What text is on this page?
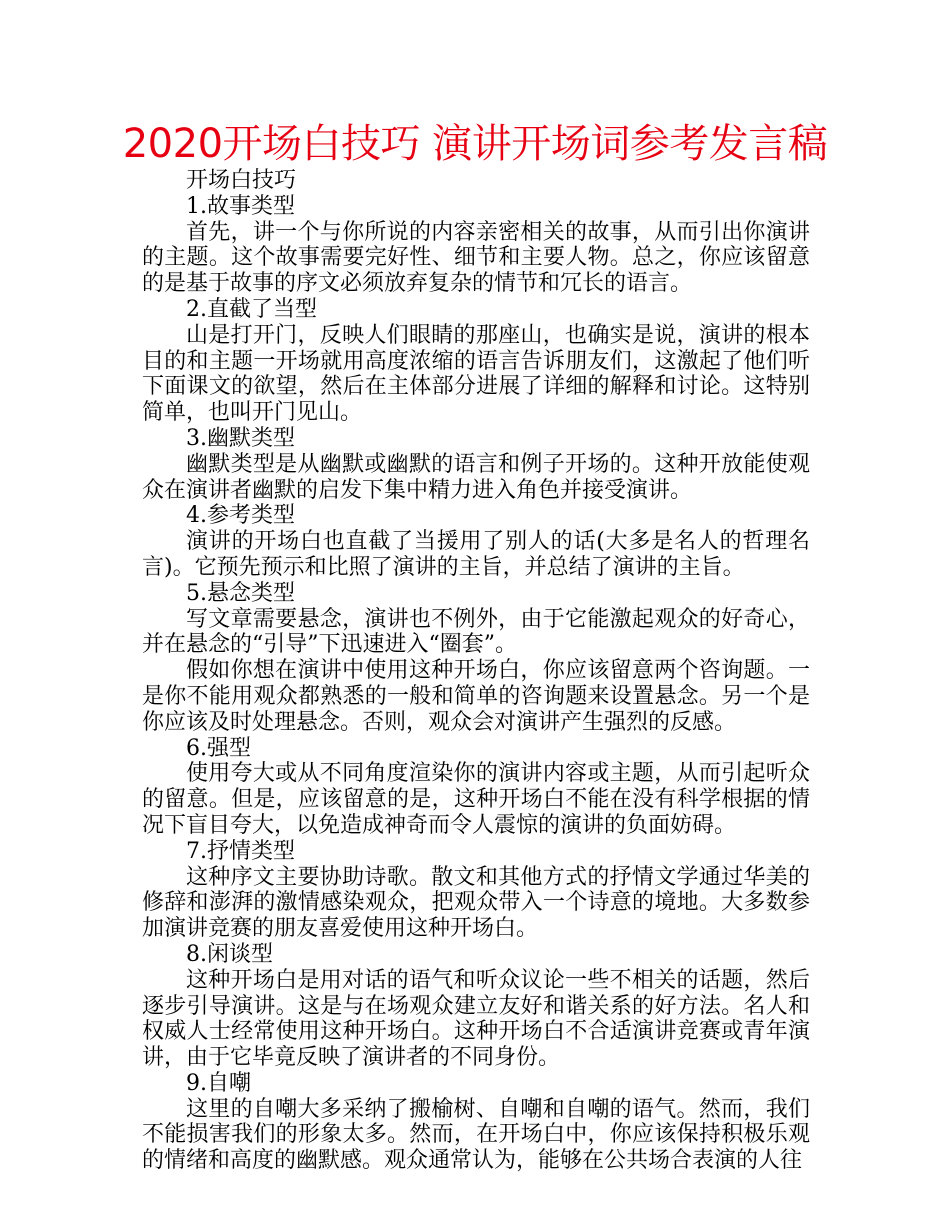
2020开场白技巧 演讲开场词参考发言稿

开场白技巧

1.故事类型

首先，讲一个与你所说的内容亲密相关的故事，从而引出你演讲的主题。这个故事需要完好性、细节和主要人物。总之，你应该留意的是基于故事的序文必须放弃复杂的情节和冗长的语言。

2.直截了当型

山是打开门，反映人们眼睛的那座山，也确实是说，演讲的根本目的和主题一开场就用高度浓缩的语言告诉朋友们，这激起了他们听下面课文的欲望，然后在主体部分进展了详细的解释和讨论。这特别简单，也叫开门见山。

3.幽默类型

幽默类型是从幽默或幽默的语言和例子开场的。这种开放能使观众在演讲者幽默的启发下集中精力进入角色并接受演讲。

4.参考类型

演讲的开场白也直截了当援用了别人的话(大多是名人的哲理名言)。它预先预示和比照了演讲的主旨，并总结了演讲的主旨。

5.悬念类型

写文章需要悬念，演讲也不例外，由于它能激起观众的好奇心，并在悬念的“引导”下迅速进入“圈套”。

假如你想在演讲中使用这种开场白，你应该留意两个咨询题。一是你不能用观众都熟悉的一般和简单的咨询题来设置悬念。另一个是你应该及时处理悬念。否则，观众会对演讲产生强烈的反感。

6.强型

使用夸大或从不同角度渲染你的演讲内容或主题，从而引起听众的留意。但是，应该留意的是，这种开场白不能在没有科学根据的情况下盲目夸大，以免造成神奇而令人震惊的演讲的负面妨碍。

7.抒情类型

这种序文主要协助诗歌。散文和其他方式的抒情文学通过华美的修辞和澎湃的激情感染观众，把观众带入一个诗意的境地。大多数参加演讲竞赛的朋友喜爱使用这种开场白。

8.闲谈型

这种开场白是用对话的语气和听众议论一些不相关的话题，然后逐步引导演讲。这是与在场观众建立友好和谐关系的好方法。名人和权威人士经常使用这种开场白。这种开场白不合适演讲竞赛或青年演讲，由于它毕竟反映了演讲者的不同身份。

9.自嘲

这里的自嘲大多采纳了搬榆树、自嘲和自嘲的语气。然而，我们不能损害我们的形象太多。然而，在开场白中，你应该保持积极乐观的情绪和高度的幽默感。观众通常认为，能够在公共场合表演的人往
